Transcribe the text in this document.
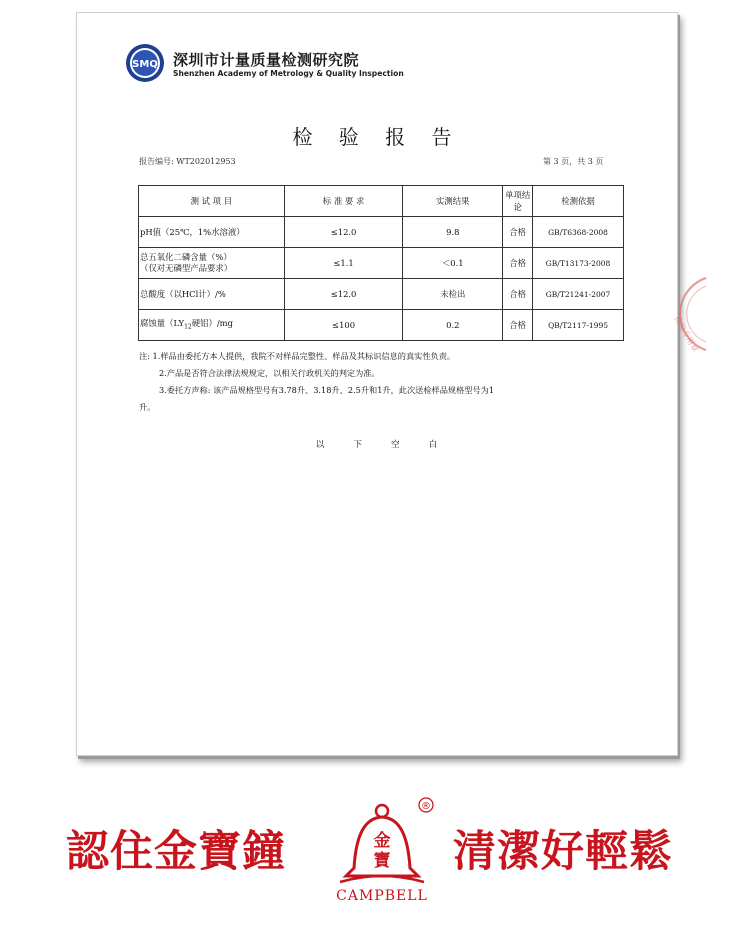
SMQ 深圳市计量质量检测研究院
Shenzhen Academy of Metrology & Quality Inspection
检 验 报 告
报告编号: WT202012953	第 3 页，共 3 页
测 试 项 目	标 准 要 求	实测结果	单项结论	检测依据
pH值（25℃，1%水溶液）	≤12.0	9.8	合格	GB/T6368-2008

总五氧化二磷含量（%）
（仅对无磷型产品要求）	≤1.1	＜0.1	合格	GB/T13173-2008
总酸度（以HCl计）/%	≤12.0	未检出	合格	GB/T21241-2007
腐蚀量（$LY_{12}$硬铝）/mg	≤100	0.2	合格	QB/T2117-1995
注: 1.样品由委托方本人提供，我院不对样品完整性、样品及其标识信息的真实性负责。
2.产品是否符合法律法规规定，以相关行政机关的判定为准。
3.委托方声称: 该产品规格型号有3.78升、3.18升、2.5升和1升，此次送检样品规格型号为1
升。
以	下	空	白
检验专用章
認住金寶鐘	金
寶
CAMPBELL
®
清潔好輕鬆
